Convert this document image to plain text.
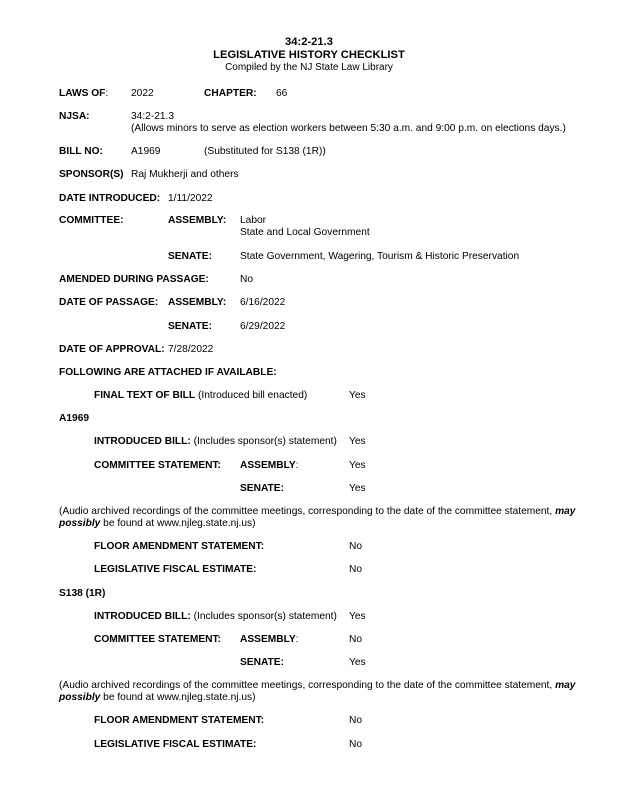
34:2-21.3
LEGISLATIVE HISTORY CHECKLIST
Compiled by the NJ State Law Library
LAWS OF: 2022	CHAPTER: 66
NJSA:	34:2-21.3
(Allows minors to serve as election workers between 5:30 a.m. and 9:00 p.m. on elections days.)
BILL NO:	A1969	(Substituted for S138 (1R))
SPONSOR(S) Raj Mukherji and others
DATE INTRODUCED: 1/11/2022
COMMITTEE:	ASSEMBLY: Labor
State and Local Government
SENATE:	State Government, Wagering, Tourism & Historic Preservation
AMENDED DURING PASSAGE:	No
DATE OF PASSAGE: ASSEMBLY: 6/16/2022
SENATE:	6/29/2022
DATE OF APPROVAL: 7/28/2022
FOLLOWING ARE ATTACHED IF AVAILABLE:
FINAL TEXT OF BILL (Introduced bill enacted)	Yes
A1969
INTRODUCED BILL: (Includes sponsor(s) statement) Yes
COMMITTEE STATEMENT: ASSEMBLY:	Yes
SENATE:	Yes
(Audio archived recordings of the committee meetings, corresponding to the date of the committee statement, may possibly be found at www.njleg.state.nj.us)
FLOOR AMENDMENT STATEMENT:	No
LEGISLATIVE FISCAL ESTIMATE:	No
S138 (1R)
INTRODUCED BILL: (Includes sponsor(s) statement) Yes
COMMITTEE STATEMENT: ASSEMBLY:	No
SENATE:	Yes
(Audio archived recordings of the committee meetings, corresponding to the date of the committee statement, may possibly be found at www.njleg.state.nj.us)
FLOOR AMENDMENT STATEMENT:	No
LEGISLATIVE FISCAL ESTIMATE:	No
